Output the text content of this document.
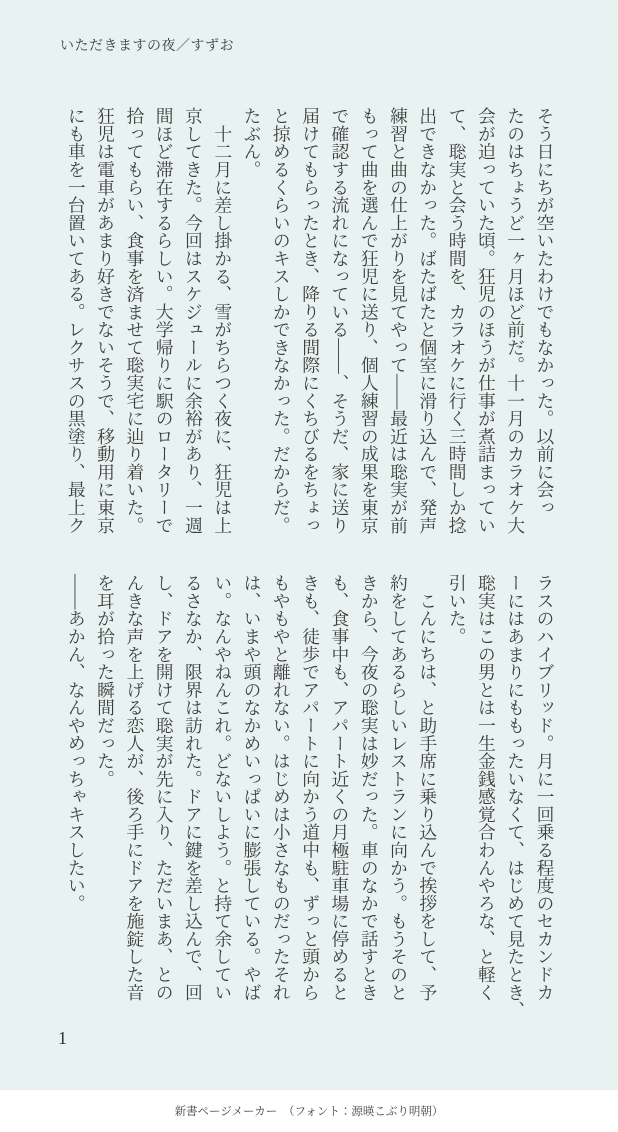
いただきますの夜／すずお
そう日にちが空いたわけでもなかった。以前に会っ
たのはちょうど一ヶ月ほど前だ。十一月のカラオケ大
会が迫っていた頃。狂児のほうが仕事が煮詰まってい
て、聡実と会う時間を、カラオケに行く三時間しか捻
出できなかった。ばたばたと個室に滑り込んで、発声
練習と曲の仕上がりを見てやって――最近は聡実が前
もって曲を選んで狂児に送り、個人練習の成果を東京
で確認する流れになっている――、そうだ、家に送り
届けてもらったとき、降りる間際にくちびるをちょっ
と掠めるくらいのキスしかできなかった。だからだ。
たぶん。
　十二月に差し掛かる、雪がちらつく夜に、狂児は上
京してきた。今回はスケジュールに余裕があり、一週
間ほど滞在するらしい。大学帰りに駅のロータリーで
拾ってもらい、食事を済ませて聡実宅に辿り着いた。
狂児は電車があまり好きでないそうで、移動用に東京
にも車を一台置いてある。レクサスの黒塗り、最上ク
ラスのハイブリッド。月に一回乗る程度のセカンドカ
ーにはあまりにももったいなくて、はじめて見たとき、
聡実はこの男とは一生金銭感覚合わんやろな、と軽く
引いた。
　こんにちは、と助手席に乗り込んで挨拶をして、予
約をしてあるらしいレストランに向かう。もうそのと
きから、今夜の聡実は妙だった。車のなかで話すとき
も、食事中も、アパート近くの月極駐車場に停めると
きも、徒歩でアパートに向かう道中も、ずっと頭から
もやもやと離れない。はじめは小さなものだったそれ
は、いまや頭のなかめいっぱいに膨張している。やば
い。なんやねんこれ。どないしよう。と持て余してい
るさなか、限界は訪れた。ドアに鍵を差し込んで、回
し、ドアを開けて聡実が先に入り、ただいまあ、との
んきな声を上げる恋人が、後ろ手にドアを施錠した音
を耳が拾った瞬間だった。
――あかん、なんやめっちゃキスしたい。
1
新書ページメーカー　（フォント：源暎こぶり明朝）
